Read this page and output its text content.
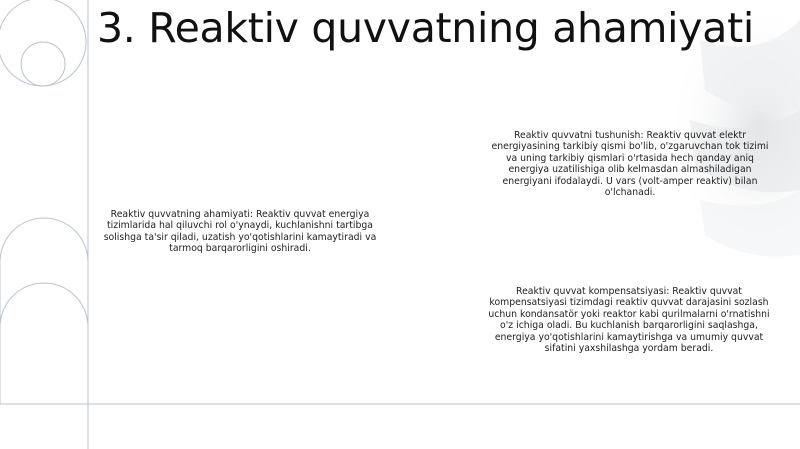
3. Reaktiv quvvatning ahamiyati
Reaktiv quvvatni tushunish: Reaktiv quvvat elektr energiyasining tarkibiy qismi bo'lib, o'zgaruvchan tok tizimi va uning tarkibiy qismlari o'rtasida hech qanday aniq energiya uzatilishiga olib kelmasdan almashiladigan energiyani ifodalaydi. U vars (volt-amper reaktiv) bilan o'lchanadi.
Reaktiv quvvatning ahamiyati: Reaktiv quvvat energiya tizimlarida hal qiluvchi rol o'ynaydi, kuchlanishni tartibga solishga ta'sir qiladi, uzatish yo'qotishlarini kamaytiradi va tarmoq barqarorligini oshiradi.
Reaktiv quvvat kompensatsiyasi: Reaktiv quvvat kompensatsiyasi tizimdagi reaktiv quvvat darajasini sozlash uchun kondansatör yoki reaktor kabi qurilmalarni o'rnatishni o'z ichiga oladi. Bu kuchlanish barqarorligini saqlashga, energiya yo'qotishlarini kamaytirishga va umumiy quvvat sifatini yaxshilashga yordam beradi.
